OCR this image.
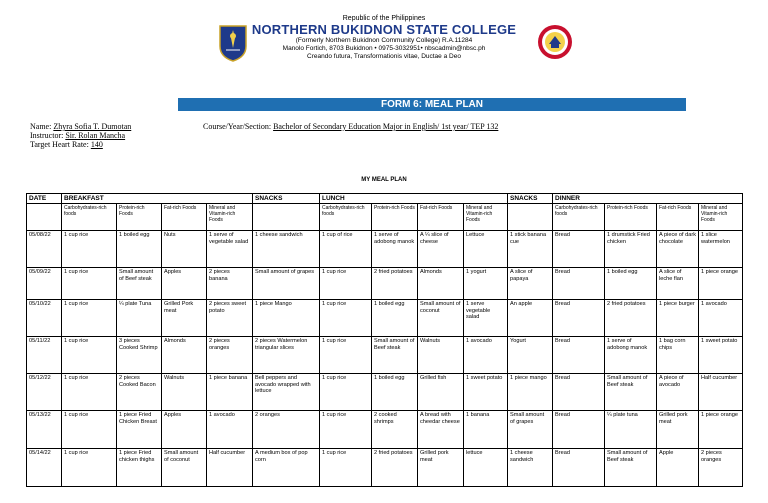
Republic of the Philippines
NORTHERN BUKIDNON STATE COLLEGE
(Formerly Northern Bukidnon Community College) R.A.11284
Manolo Fortich, 8703 Bukidnon • 0975-3032951• nbscadmin@nbsc.ph
Creando futura, Transformationis vitae, Ductae a Deo
FORM 6: MEAL PLAN
Name: Zhyra Sofia T. Dumotan
Instructor: Sir. Rolan Mancha
Target Heart Rate: 140
Course/Year/Section: Bachelor of Secondary Education Major in English/ 1st year/ TEP 132
MY MEAL PLAN
DATE	BREAKFAST				SNACKS	LUNCH				SNACKS	DINNER			
	Carbohydrates-rich foods	Protein-rich Foods	Fat-rich Foods	Mineral and Vitamin-rich Foods		Carbohydrates-rich foods	Protein-rich Foods	Fat-rich Foods	Mineral and Vitamin-rich Foods		Carbohydrates-rich foods	Protein-rich Foods	Fat-rich Foods	Mineral and Vitamin-rich Foods
05/08/22	1 cup rice	1 boiled egg	Nuts	1 serve of vegetable salad	1 cheese sandwich	1 cup of rice	1 serve of adobong manok	A ¼ slice of cheese	Lettuce	1 stick banana cue	Bread	1 drumstick Fried chicken	A piece of dark chocolate	1 slice watermelon
05/09/22	1 cup rice	Small amount of Beef steak	Apples	2 pieces banana	Small amount of grapes	1 cup rice	2 fried potatoes	Almonds	1 yogurt	A slice of papaya	Bread	1 boiled egg	A slice of leche flan	1 piece orange
05/10/22	1 cup rice	¼ plate Tuna	Grilled Pork meat	2 pieces sweet potato	1 piece Mango	1 cup rice	1 boiled egg	Small amount of coconut	1 serve vegetable salad	An apple	Bread	2 fried potatoes	1 piece burger	1 avocado
05/11/22	1 cup rice	3 pieces Cooked Shrimp	Almonds	2 pieces oranges	2 pieces Watermelon triangular slices	1 cup rice	Small amount of Beef steak	Walnuts	1 avocado	Yogurt	Bread	1 serve of adobong manok	1 bag corn chips	1 sweet potato
05/12/22	1 cup rice	2 pieces Cooked Bacon	Walnuts	1 piece banana	Bell peppers and avocado wrapped with lettuce	1 cup rice	1 boiled egg	Grilled fish	1 sweet potato	1 piece mango	Bread	Small amount of Beef steak	A piece of avocado	Half cucumber
05/13/22	1 cup rice	1 piece Fried Chicken Breast	Apples	1 avocado	2 oranges	1 cup rice	2 cooked shrimps	A bread with cheedar cheese	1 banana	Small amount of grapes	Bread	¼ plate tuna	Grilled pork meat	1 piece orange
05/14/22	1 cup rice	1 piece Fried chicken thighs	Small amount of coconut	Half cucumber	A medium box of pop corn	1 cup rice	2 fried potatoes	Grilled pork meat	lettuce	1 cheese sandwich	Bread	Small amount of Beef steak	Apple	2 pieces oranges
